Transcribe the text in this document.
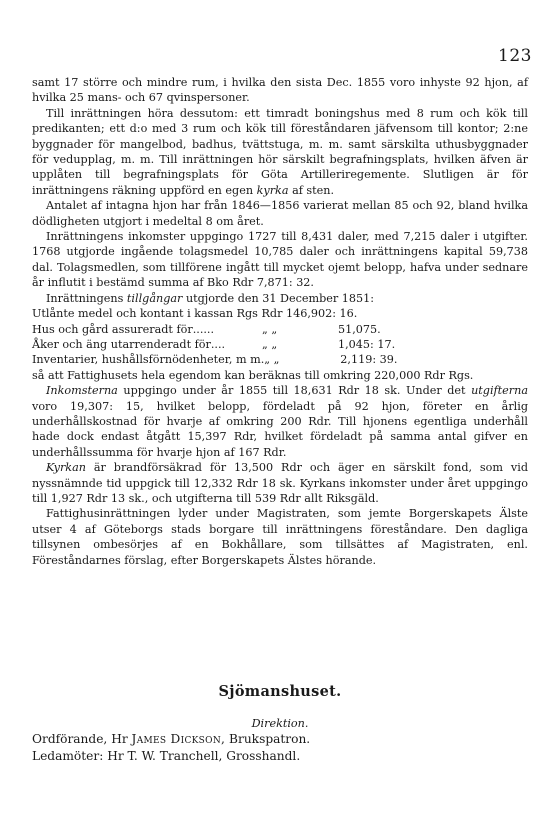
123

samt 17 större och mindre rum, i hvilka den sista Dec. 1855 voro inhyste 92 hjon, af hvilka 25 mans- och 67 qvinspersoner.

Till inrättningen höra dessutom: ett timradt boningshus med 8 rum och kök till predikanten; ett d:o med 3 rum och kök till föreståndaren jäfvensom till kontor; 2:ne byggnader för mangelbod, badhus, tvättstuga, m. m. samt särskilta uthusbyggnader för vedupplag, m. m. Till inrättningen hör särskilt begrafningsplats, hvilken äfven är upplåten till begrafningsplats för Göta Artilleriregemente. Slutligen är för inrättningens räkning uppförd en egen kyrka af sten.

Antalet af intagna hjon har från 1846—1856 varierat mellan 85 och 92, bland hvilka dödligheten utgjort i medeltal 8 om året.

Inrättningens inkomster uppgingo 1727 till 8,431 daler, med 7,215 daler i utgifter. 1768 utgjorde ingående tolagsmedel 10,785 daler och inrättningens kapital 59,738 dal. Tolagsmedlen, som tillförene ingått till mycket ojemt belopp, hafva under sednare år influtit i bestämd summa af Bko Rdr 7,871: 32.

Inrättningens tillgångar utgjorde den 31 December 1851:

Utlånte medel och kontant i kassan Rgs Rdr 146,902: 16.

Hus och gård assureradt för ......	„ „	51,075.
Åker och äng utarrenderadt för ....	„ „	1,045: 17.
Inventarier, hushållsförnödenheter, m m. „ „	2,119: 39.

så att Fattighusets hela egendom kan beräknas till omkring 220,000 Rdr Rgs.

Inkomsterna uppgingo under år 1855 till 18,631 Rdr 18 sk. Under det utgifterna voro 19,307: 15, hvilket belopp, fördeladt på 92 hjon, företer en årlig underhållskostnad för hvarje af omkring 200 Rdr. Till hjonens egentliga underhåll hade dock endast åtgått 15,397 Rdr, hvilket fördeladt på samma antal gifver en underhållssumma för hvarje hjon af 167 Rdr.

Kyrkan är brandförsäkrad för 13,500 Rdr och äger en särskilt fond, som vid nyssnämnde tid uppgick till 12,332 Rdr 18 sk. Kyrkans inkomster under året uppgingo till 1,927 Rdr 13 sk., och utgifterna till 539 Rdr allt Riksgäld.

Fattighusinrättningen lyder under Magistraten, som jemte Borgerskapets Älste utser 4 af Göteborgs stads borgare till inrättningens föreståndare. Den dagliga tillsynen ombesörjes af en Bokhållare, som tillsättes af Magistraten, enl. Föreståndarnes förslag, efter Borgerskapets Älstes hörande.

Sjömanshuset.
Direktion.
Ordförande, Hr James Dickson, Brukspatron.
Ledamöter: Hr T. W. Tranchell, Grosshandl.
